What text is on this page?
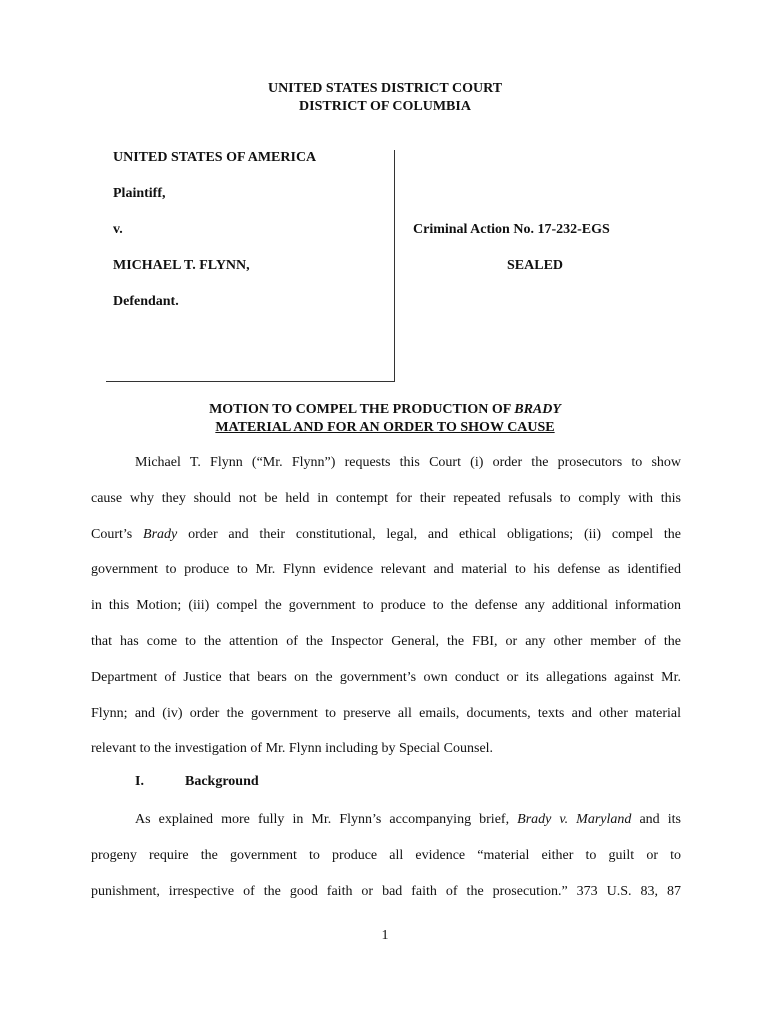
UNITED STATES DISTRICT COURT
DISTRICT OF COLUMBIA
UNITED STATES OF AMERICA
Plaintiff,
v.
MICHAEL T. FLYNN,
Defendant.
Criminal Action No. 17-232-EGS
SEALED
MOTION TO COMPEL THE PRODUCTION OF BRADY
MATERIAL AND FOR AN ORDER TO SHOW CAUSE
Michael T. Flynn (“Mr. Flynn”) requests this Court (i) order the prosecutors to show
cause why they should not be held in contempt for their repeated refusals to comply with this
Court’s Brady order and their constitutional, legal, and ethical obligations; (ii) compel the
government to produce to Mr. Flynn evidence relevant and material to his defense as identified
in this Motion; (iii) compel the government to produce to the defense any additional information
that has come to the attention of the Inspector General, the FBI, or any other member of the
Department of Justice that bears on the government’s own conduct or its allegations against Mr.
Flynn; and (iv) order the government to preserve all emails, documents, texts and other material
relevant to the investigation of Mr. Flynn including by Special Counsel.
I.	Background
As explained more fully in Mr. Flynn’s accompanying brief, Brady v. Maryland and its
progeny require the government to produce all evidence “material either to guilt or to
punishment, irrespective of the good faith or bad faith of the prosecution.” 373 U.S. 83, 87
1
